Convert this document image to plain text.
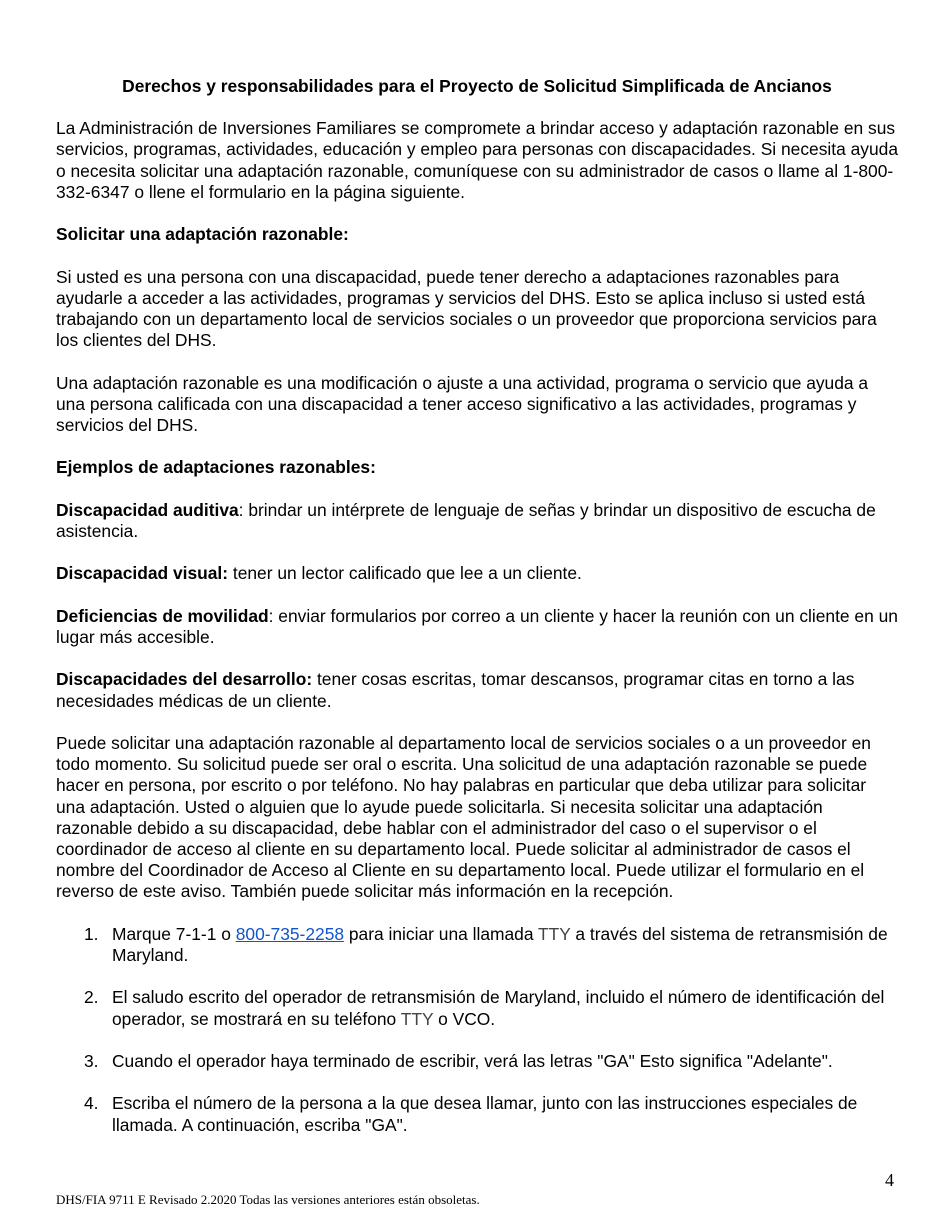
Derechos y responsabilidades para el Proyecto de Solicitud Simplificada de Ancianos

La Administración de Inversiones Familiares se compromete a brindar acceso y adaptación razonable en sus servicios, programas, actividades, educación y empleo para personas con discapacidades. Si necesita ayuda o necesita solicitar una adaptación razonable, comuníquese con su administrador de casos o llame al 1-800-332-6347 o llene el formulario en la página siguiente.

Solicitar una adaptación razonable:

Si usted es una persona con una discapacidad, puede tener derecho a adaptaciones razonables para ayudarle a acceder a las actividades, programas y servicios del DHS. Esto se aplica incluso si usted está trabajando con un departamento local de servicios sociales o un proveedor que proporciona servicios para los clientes del DHS.

Una adaptación razonable es una modificación o ajuste a una actividad, programa o servicio que ayuda a una persona calificada con una discapacidad a tener acceso significativo a las actividades, programas y servicios del DHS.

Ejemplos de adaptaciones razonables:

Discapacidad auditiva: brindar un intérprete de lenguaje de señas y brindar un dispositivo de escucha de asistencia.

Discapacidad visual: tener un lector calificado que lee a un cliente.

Deficiencias de movilidad: enviar formularios por correo a un cliente y hacer la reunión con un cliente en un lugar más accesible.

Discapacidades del desarrollo: tener cosas escritas, tomar descansos, programar citas en torno a las necesidades médicas de un cliente.

Puede solicitar una adaptación razonable al departamento local de servicios sociales o a un proveedor en todo momento. Su solicitud puede ser oral o escrita. Una solicitud de una adaptación razonable se puede hacer en persona, por escrito o por teléfono. No hay palabras en particular que deba utilizar para solicitar una adaptación. Usted o alguien que lo ayude puede solicitarla. Si necesita solicitar una adaptación razonable debido a su discapacidad, debe hablar con el administrador del caso o el supervisor o el coordinador de acceso al cliente en su departamento local. Puede solicitar al administrador de casos el nombre del Coordinador de Acceso al Cliente en su departamento local. Puede utilizar el formulario en el reverso de este aviso. También puede solicitar más información en la recepción.

1. Marque 7-1-1 o 800-735-2258 para iniciar una llamada TTY a través del sistema de retransmisión de Maryland.
2. El saludo escrito del operador de retransmisión de Maryland, incluido el número de identificación del operador, se mostrará en su teléfono TTY o VCO.
3. Cuando el operador haya terminado de escribir, verá las letras "GA" Esto significa "Adelante".
4. Escriba el número de la persona a la que desea llamar, junto con las instrucciones especiales de llamada. A continuación, escriba "GA".
4
DHS/FIA 9711 E Revisado 2.2020 Todas las versiones anteriores están obsoletas.
